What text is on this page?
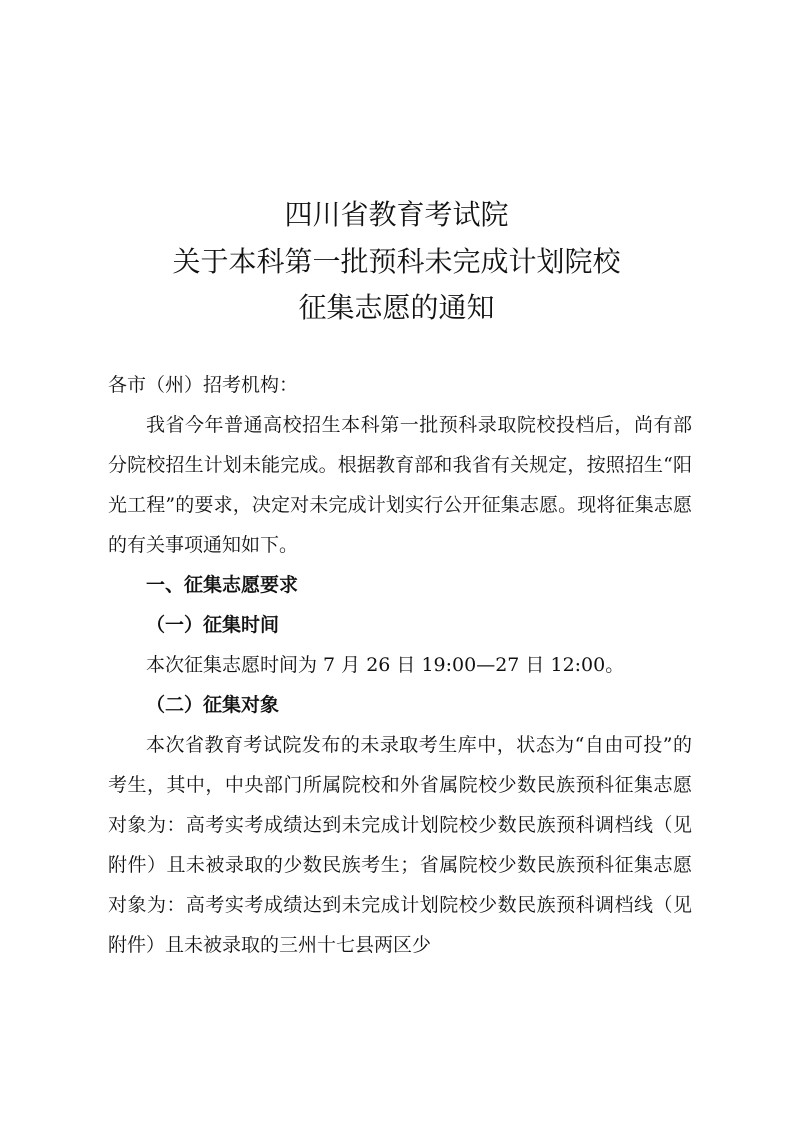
四川省教育考试院
关于本科第一批预科未完成计划院校
征集志愿的通知
各市（州）招考机构：
我省今年普通高校招生本科第一批预科录取院校投档后，尚有部分院校招生计划未能完成。根据教育部和我省有关规定，按照招生“阳光工程”的要求，决定对未完成计划实行公开征集志愿。现将征集志愿的有关事项通知如下。
一、征集志愿要求
（一）征集时间
本次征集志愿时间为 7 月 26 日 19:00—27 日 12:00。
（二）征集对象
本次省教育考试院发布的未录取考生库中，状态为“自由可投”的考生，其中，中央部门所属院校和外省属院校少数民族预科征集志愿对象为：高考实考成绩达到未完成计划院校少数民族预科调档线（见附件）且未被录取的少数民族考生；省属院校少数民族预科征集志愿对象为：高考实考成绩达到未完成计划院校少数民族预科调档线（见附件）且未被录取的三州十七县两区少
